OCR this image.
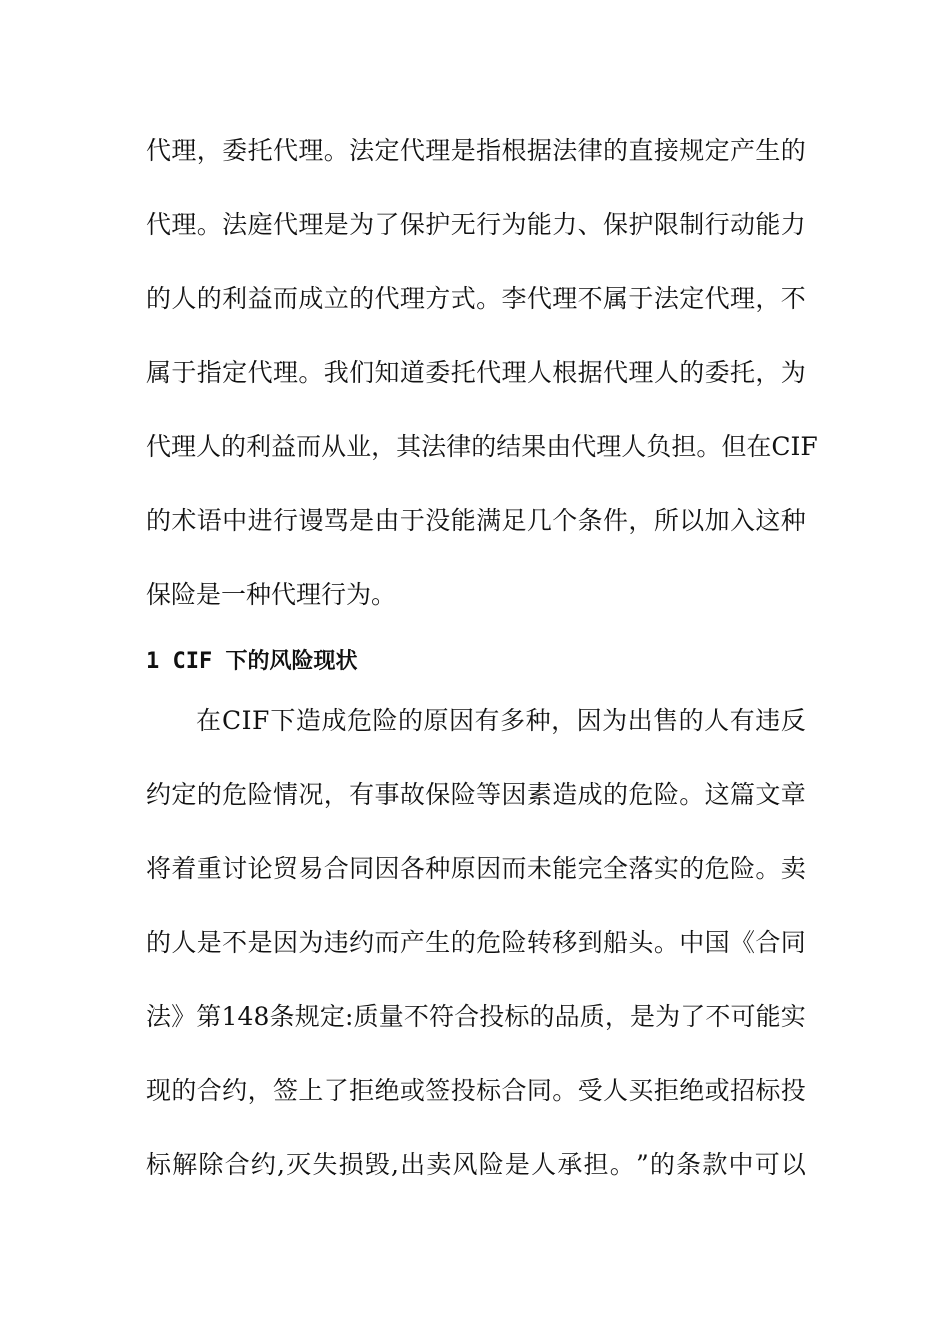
代 理 ， 委 托 代 理 。 法 定 代 理 是 指 根 据 法 律 的 直 接 规 定 产 生 的
代 理 。 法 庭 代 理 是 为 了 保 护 无 行 为 能 力 、 保 护 限 制 行 动 能 力
的 人 的 利 益 而 成 立 的 代 理 方 式 。 李 代 理 不 属 于 法 定 代 理 ， 不
属 于 指 定 代 理 。 我 们 知 道 委 托 代 理 人 根 据 代 理 人 的 委 托 ， 为
代 理 人 的 利 益 而 从 业 ， 其 法 律 的 结 果 由 代 理 人 负 担 。 但 在 C I F
的 术 语 中 进 行 谩 骂 是 由 于 没 能 满 足 几 个 条 件 ， 所 以 加 入 这 种
保险是一种代理行为。
1 CIF 下的风险现状
在 C I F 下 造 成 危 险 的 原 因 有 多 种 ， 因 为 出 售 的 人 有 违 反
约 定 的 危 险 情 况 ， 有 事 故 保 险 等 因 素 造 成 的 危 险 。 这 篇 文 章
将 着 重 讨 论 贸 易 合 同 因 各 种 原 因 而 未 能 完 全 落 实 的 危 险 。 卖
的 人 是 不 是 因 为 违 约 而 产 生 的 危 险 转 移 到 船 头 。 中 国 《 合 同
法 》 第 1 4 8 条 规 定 : 质 量 不 符 合 投 标 的 品 质 ， 是 为 了 不 可 能 实
现 的 合 约 ， 签 上 了 拒 绝 或 签 投 标 合 同 。 受 人 买 拒 绝 或 招 标 投
标 解 除 合 约 , 灭 失 损 毁 , 出 卖 风 险 是 人 承 担 。 ” 的 条 款 中 可 以
